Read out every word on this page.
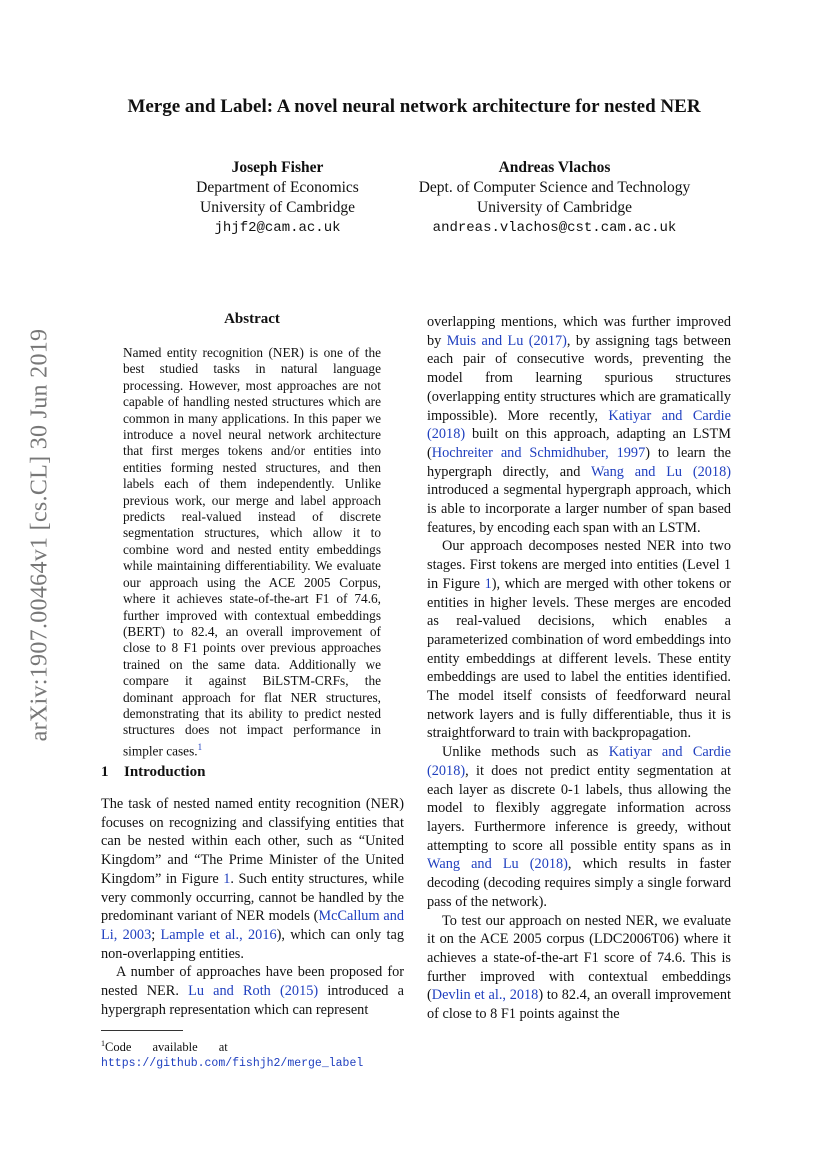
Merge and Label: A novel neural network architecture for nested NER
Joseph Fisher
Department of Economics
University of Cambridge
jhjf2@cam.ac.uk
Andreas Vlachos
Dept. of Computer Science and Technology
University of Cambridge
andreas.vlachos@cst.cam.ac.uk
arXiv:1907.00464v1 [cs.CL] 30 Jun 2019
Abstract
Named entity recognition (NER) is one of the best studied tasks in natural language processing. However, most approaches are not capable of handling nested structures which are common in many applications. In this paper we introduce a novel neural network architecture that first merges tokens and/or entities into entities forming nested structures, and then labels each of them independently. Unlike previous work, our merge and label approach predicts real-valued instead of discrete segmentation structures, which allow it to combine word and nested entity embeddings while maintaining differentiability. We evaluate our approach using the ACE 2005 Corpus, where it achieves state-of-the-art F1 of 74.6, further improved with contextual embeddings (BERT) to 82.4, an overall improvement of close to 8 F1 points over previous approaches trained on the same data. Additionally we compare it against BiLSTM-CRFs, the dominant approach for flat NER structures, demonstrating that its ability to predict nested structures does not impact performance in simpler cases.$^1$
1 Introduction

The task of nested named entity recognition (NER) focuses on recognizing and classifying entities that can be nested within each other, such as “United Kingdom” and “The Prime Minister of the United Kingdom” in Figure 1. Such entity structures, while very commonly occurring, cannot be handled by the predominant variant of NER models (McCallum and Li, 2003; Lample et al., 2016), which can only tag non-overlapping entities.

A number of approaches have been proposed for nested NER. Lu and Roth (2015) introduced a hypergraph representation which can represent

$^1$Code available at https://github.com/fishjh2/merge_label

overlapping mentions, which was further improved by Muis and Lu (2017), by assigning tags between each pair of consecutive words, preventing the model from learning spurious structures (overlapping entity structures which are gramatically impossible). More recently, Katiyar and Cardie (2018) built on this approach, adapting an LSTM (Hochreiter and Schmidhuber, 1997) to learn the hypergraph directly, and Wang and Lu (2018) introduced a segmental hypergraph approach, which is able to incorporate a larger number of span based features, by encoding each span with an LSTM.

Our approach decomposes nested NER into two stages. First tokens are merged into entities (Level 1 in Figure 1), which are merged with other tokens or entities in higher levels. These merges are encoded as real-valued decisions, which enables a parameterized combination of word embeddings into entity embeddings at different levels. These entity embeddings are used to label the entities identified. The model itself consists of feedforward neural network layers and is fully differentiable, thus it is straightforward to train with backpropagation.

Unlike methods such as Katiyar and Cardie (2018), it does not predict entity segmentation at each layer as discrete 0-1 labels, thus allowing the model to flexibly aggregate information across layers. Furthermore inference is greedy, without attempting to score all possible entity spans as in Wang and Lu (2018), which results in faster decoding (decoding requires simply a single forward pass of the network).

To test our approach on nested NER, we evaluate it on the ACE 2005 corpus (LDC2006T06) where it achieves a state-of-the-art F1 score of 74.6. This is further improved with contextual embeddings (Devlin et al., 2018) to 82.4, an overall improvement of close to 8 F1 points against the
